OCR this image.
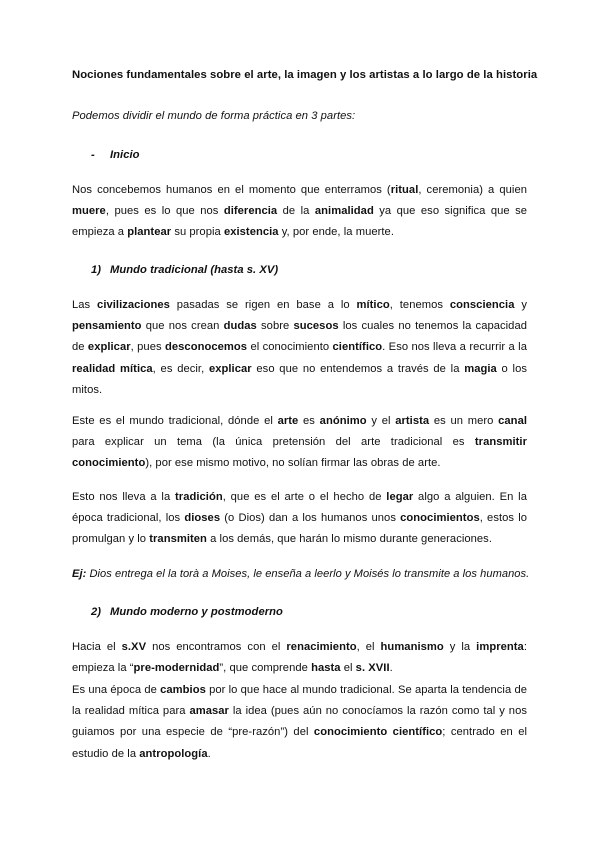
Nociones fundamentales sobre el arte, la imagen y los artistas a lo largo de la historia
Podemos dividir el mundo de forma práctica en 3 partes:
- Inicio

Nos concebemos humanos en el momento que enterramos (ritual, ceremonia) a quien muere, pues es lo que nos diferencia de la animalidad ya que eso significa que se empieza a plantear su propia existencia y, por ende, la muerte.

1) Mundo tradicional (hasta s. XV)

Las civilizaciones pasadas se rigen en base a lo mítico, tenemos consciencia y pensamiento que nos crean dudas sobre sucesos los cuales no tenemos la capacidad de explicar, pues desconocemos el conocimiento científico. Eso nos lleva a recurrir a la realidad mítica, es decir, explicar eso que no entendemos a través de la magia o los mitos.

Este es el mundo tradicional, dónde el arte es anónimo y el artista es un mero canal para explicar un tema (la única pretensión del arte tradicional es transmitir conocimiento), por ese mismo motivo, no solían firmar las obras de arte.

Esto nos lleva a la tradición, que es el arte o el hecho de legar algo a alguien. En la época tradicional, los dioses (o Dios) dan a los humanos unos conocimientos, estos lo promulgan y lo transmiten a los demás, que harán lo mismo durante generaciones.

Ej: Dios entrega el la torà a Moises, le enseña a leerlo y Moisés lo transmite a los humanos.
2) Mundo moderno y postmoderno

Hacia el s.XV nos encontramos con el renacimiento, el humanismo y la imprenta: empieza la “pre-modernidad”, que comprende hasta el s. XVII.

Es una época de cambios por lo que hace al mundo tradicional. Se aparta la tendencia de la realidad mítica para amasar la idea (pues aún no conocíamos la razón como tal y nos guiamos por una especie de “pre-razón”) del conocimiento científico; centrado en el estudio de la antropología.
